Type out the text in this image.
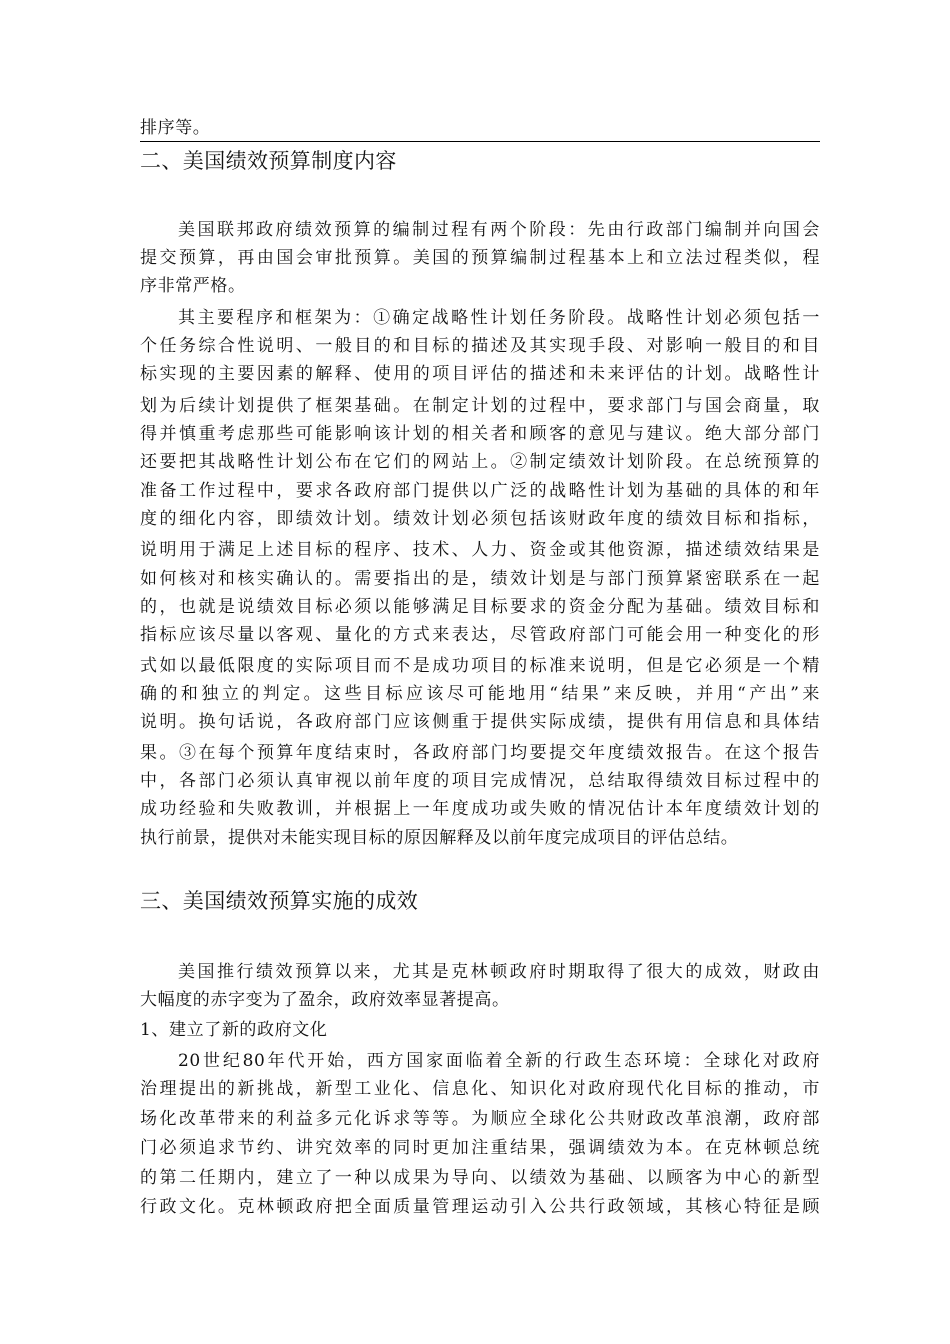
排序等。
二、美国绩效预算制度内容
美国联邦政府绩效预算的编制过程有两个阶段：先由行政部门编制并向国会
提交预算，再由国会审批预算。美国的预算编制过程基本上和立法过程类似，程
序非常严格。
其主要程序和框架为：①确定战略性计划任务阶段。战略性计划必须包括一
个任务综合性说明、一般目的和目标的描述及其实现手段、对影响一般目的和目
标实现的主要因素的解释、使用的项目评估的描述和未来评估的计划。战略性计
划为后续计划提供了框架基础。在制定计划的过程中，要求部门与国会商量，取
得并慎重考虑那些可能影响该计划的相关者和顾客的意见与建议。绝大部分部门
还要把其战略性计划公布在它们的网站上。②制定绩效计划阶段。在总统预算的
准备工作过程中，要求各政府部门提供以广泛的战略性计划为基础的具体的和年
度的细化内容，即绩效计划。绩效计划必须包括该财政年度的绩效目标和指标，
说明用于满足上述目标的程序、技术、人力、资金或其他资源，描述绩效结果是
如何核对和核实确认的。需要指出的是，绩效计划是与部门预算紧密联系在一起
的，也就是说绩效目标必须以能够满足目标要求的资金分配为基础。绩效目标和
指标应该尽量以客观、量化的方式来表达，尽管政府部门可能会用一种变化的形
式如以最低限度的实际项目而不是成功项目的标准来说明，但是它必须是一个精
确的和独立的判定。这些目标应该尽可能地用“结果”来反映，并用“产出”来
说明。换句话说，各政府部门应该侧重于提供实际成绩，提供有用信息和具体结
果。③在每个预算年度结束时，各政府部门均要提交年度绩效报告。在这个报告
中，各部门必须认真审视以前年度的项目完成情况，总结取得绩效目标过程中的
成功经验和失败教训，并根据上一年度成功或失败的情况估计本年度绩效计划的
执行前景，提供对未能实现目标的原因解释及以前年度完成项目的评估总结。
三、美国绩效预算实施的成效
美国推行绩效预算以来，尤其是克林顿政府时期取得了很大的成效，财政由
大幅度的赤字变为了盈余，政府效率显著提高。
1、建立了新的政府文化
20世纪80年代开始，西方国家面临着全新的行政生态环境：全球化对政府
治理提出的新挑战，新型工业化、信息化、知识化对政府现代化目标的推动，市
场化改革带来的利益多元化诉求等等。为顺应全球化公共财政改革浪潮，政府部
门必须追求节约、讲究效率的同时更加注重结果，强调绩效为本。在克林顿总统
的第二任期内，建立了一种以成果为导向、以绩效为基础、以顾客为中心的新型
行政文化。克林顿政府把全面质量管理运动引入公共行政领域，其核心特征是顾
